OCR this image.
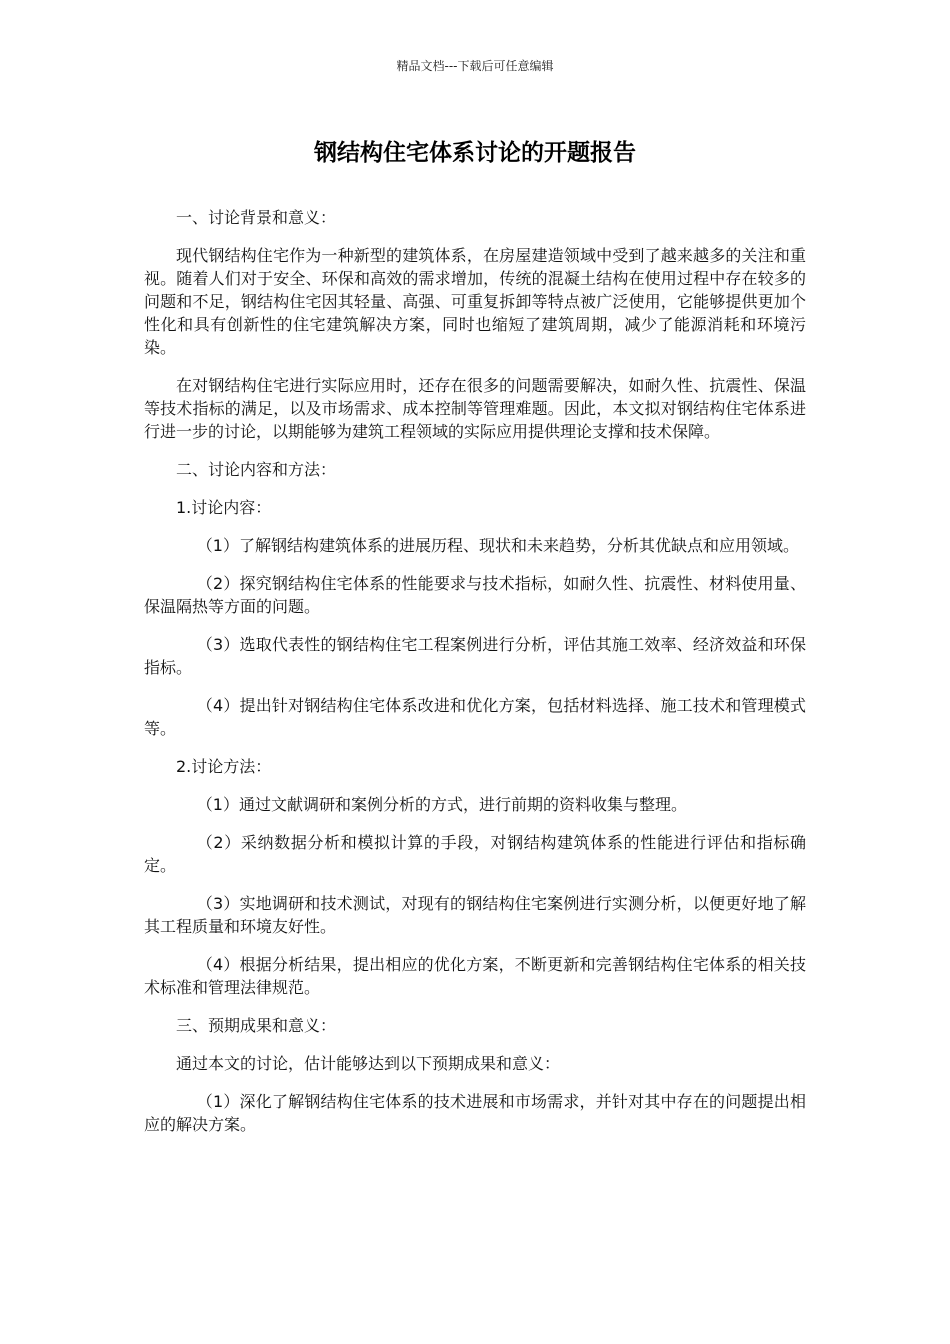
精品文档---下载后可任意编辑
钢结构住宅体系讨论的开题报告

一、讨论背景和意义：

现代钢结构住宅作为一种新型的建筑体系，在房屋建造领域中受到了越来越多的关注和重视。随着人们对于安全、环保和高效的需求增加，传统的混凝土结构在使用过程中存在较多的问题和不足，钢结构住宅因其轻量、高强、可重复拆卸等特点被广泛使用，它能够提供更加个性化和具有创新性的住宅建筑解决方案，同时也缩短了建筑周期，减少了能源消耗和环境污染。

在对钢结构住宅进行实际应用时，还存在很多的问题需要解决，如耐久性、抗震性、保温等技术指标的满足，以及市场需求、成本控制等管理难题。因此，本文拟对钢结构住宅体系进行进一步的讨论，以期能够为建筑工程领域的实际应用提供理论支撑和技术保障。

二、讨论内容和方法：

1.讨论内容：

（1）了解钢结构建筑体系的进展历程、现状和未来趋势，分析其优缺点和应用领域。

（2）探究钢结构住宅体系的性能要求与技术指标，如耐久性、抗震性、材料使用量、保温隔热等方面的问题。

（3）选取代表性的钢结构住宅工程案例进行分析，评估其施工效率、经济效益和环保指标。

（4）提出针对钢结构住宅体系改进和优化方案，包括材料选择、施工技术和管理模式等。

2.讨论方法：

（1）通过文献调研和案例分析的方式，进行前期的资料收集与整理。

（2）采纳数据分析和模拟计算的手段，对钢结构建筑体系的性能进行评估和指标确定。

（3）实地调研和技术测试，对现有的钢结构住宅案例进行实测分析，以便更好地了解其工程质量和环境友好性。

（4）根据分析结果，提出相应的优化方案，不断更新和完善钢结构住宅体系的相关技术标准和管理法律规范。

三、预期成果和意义：

通过本文的讨论，估计能够达到以下预期成果和意义：

（1）深化了解钢结构住宅体系的技术进展和市场需求，并针对其中存在的问题提出相应的解决方案。
